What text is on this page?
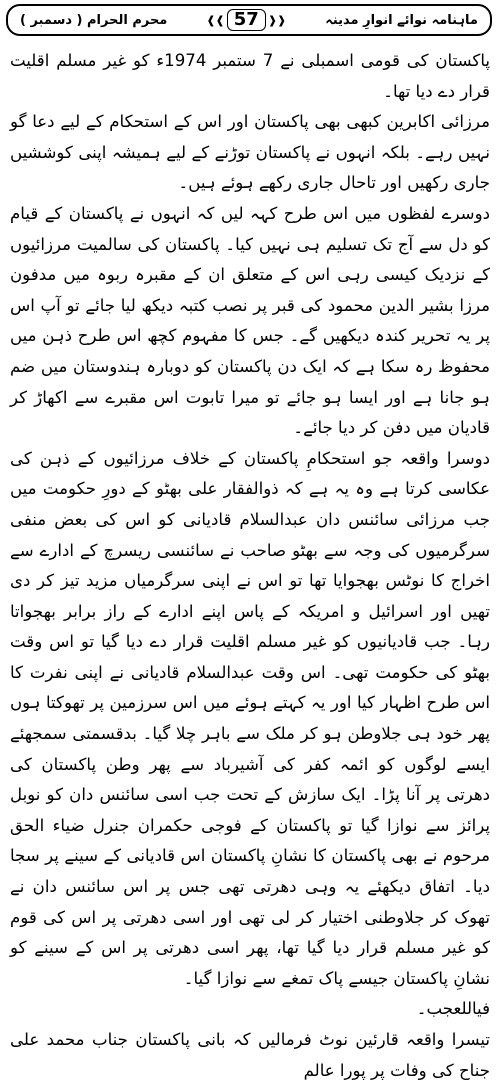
محرم الحرام ( دسمبر )	❰❰ 57 ❱❱	ماہنامہ نوائے انوارِ مدینہ

پاکستان کی قومی اسمبلی نے 7 ستمبر 1974ء کو غیر مسلم اقلیت قرار دے دیا تھا۔

مرزائی اکابرین کبھی بھی پاکستان اور اس کے استحکام کے لیے دعا گو نہیں رہے۔ بلکہ انہوں نے پاکستان توڑنے کے لیے ہمیشہ اپنی کوششیں جاری رکھیں اور تاحال جاری رکھے ہوئے ہیں۔

دوسرے لفظوں میں اس طرح کہہ لیں کہ انہوں نے پاکستان کے قیام کو دل سے آج تک تسلیم ہی نہیں کیا۔ پاکستان کی سالمیت مرزائیوں کے نزدیک کیسی رہی اس کے متعلق ان کے مقبرہ ربوہ میں مدفون مرزا بشیر الدین محمود کی قبر پر نصب کتبہ دیکھ لیا جائے تو آپ اس پر یہ تحریر کندہ دیکھیں گے۔ جس کا مفہوم کچھ اس طرح ذہن میں محفوظ رہ سکا ہے کہ ایک دن پاکستان کو دوبارہ ہندوستان میں ضم ہو جانا ہے اور ایسا ہو جائے تو میرا تابوت اس مقبرے سے اکھاڑ کر قادیان میں دفن کر دیا جائے۔

دوسرا واقعہ جو استحکامِ پاکستان کے خلاف مرزائیوں کے ذہن کی عکاسی کرتا ہے وہ یہ ہے کہ ذوالفقار علی بھٹو کے دورِ حکومت میں جب مرزائی سائنس دان عبدالسلام قادیانی کو اس کی بعض منفی سرگرمیوں کی وجہ سے بھٹو صاحب نے سائنسی ریسرچ کے ادارے سے اخراج کا نوٹس بھجوایا تھا تو اس نے اپنی سرگرمیاں مزید تیز کر دی تھیں اور اسرائیل و امریکہ کے پاس اپنے ادارے کے راز برابر بھجواتا رہا۔ جب قادیانیوں کو غیر مسلم اقلیت قرار دے دیا گیا تو اس وقت بھٹو کی حکومت تھی۔ اس وقت عبدالسلام قادیانی نے اپنی نفرت کا اس طرح اظہار کیا اور یہ کہتے ہوئے میں اس سرزمین پر تھوکتا ہوں پھر خود ہی جلاوطن ہو کر ملک سے باہر چلا گیا۔ بدقسمتی سمجھئے ایسے لوگوں کو ائمہ کفر کی آشیرباد سے پھر وطن پاکستان کی دھرتی پر آنا پڑا۔ ایک سازش کے تحت جب اسی سائنس دان کو نوبل پرائز سے نوازا گیا تو پاکستان کے فوجی حکمران جنرل ضیاء الحق مرحوم نے بھی پاکستان کا نشانِ پاکستان اس قادیانی کے سینے پر سجا دیا۔ اتفاق دیکھئے یہ وہی دھرتی تھی جس پر اس سائنس دان نے تھوک کر جلاوطنی اختیار کر لی تھی اور اسی دھرتی پر اس کی قوم کو غیر مسلم قرار دیا گیا تھا، پھر اسی دھرتی پر اس کے سینے کو نشانِ پاکستان جیسے پاک تمغے سے نوازا گیا۔

فیاللعجب۔

تیسرا واقعہ قارئین نوٹ فرمالیں کہ بانی پاکستان جناب محمد علی جناح کی وفات پر پورا عالم
